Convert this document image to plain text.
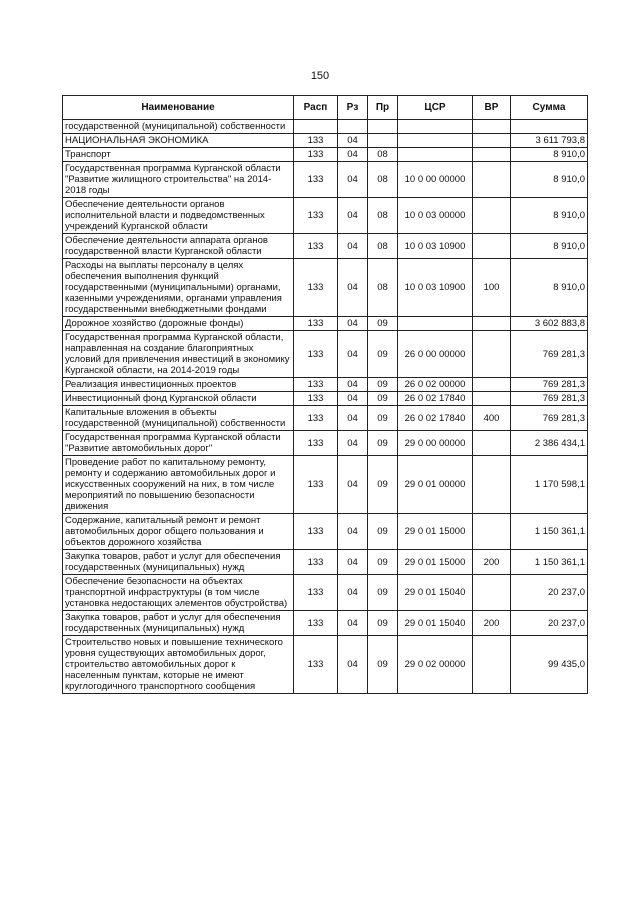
150
Наименование	Расп	Рз	Пр	ЦСР	ВР	Сумма
государственной (муниципальной) собственности						
НАЦИОНАЛЬНАЯ ЭКОНОМИКА	133	04				3 611 793,8
Транспорт	133	04	08			8 910,0
Государственная программа Курганской области "Развитие жилищного строительства" на 2014-2018 годы	133	04	08	10 0 00 00000		8 910,0
Обеспечение деятельности органов исполнительной власти и подведомственных учреждений Курганской области	133	04	08	10 0 03 00000		8 910,0
Обеспечение деятельности аппарата органов государственной власти Курганской области	133	04	08	10 0 03 10900		8 910,0
Расходы на выплаты персоналу в целях обеспечения выполнения функций государственными (муниципальными) органами, казенными учреждениями, органами управления государственными внебюджетными фондами	133	04	08	10 0 03 10900	100	8 910,0
Дорожное хозяйство (дорожные фонды)	133	04	09			3 602 883,8
Государственная программа Курганской области, направленная на создание благоприятных условий для привлечения инвестиций в экономику Курганской области, на 2014-2019 годы	133	04	09	26 0 00 00000		769 281,3
Реализация инвестиционных проектов	133	04	09	26 0 02 00000		769 281,3
Инвестиционный фонд Курганской области	133	04	09	26 0 02 17840		769 281,3
Капитальные вложения в объекты государственной (муниципальной) собственности	133	04	09	26 0 02 17840	400	769 281,3
Государственная программа Курганской области "Развитие автомобильных дорог"	133	04	09	29 0 00 00000		2 386 434,1
Проведение работ по капитальному ремонту, ремонту и содержанию автомобильных дорог и искусственных сооружений на них, в том числе мероприятий по повышению безопасности движения	133	04	09	29 0 01 00000		1 170 598,1
Содержание, капитальный ремонт и ремонт автомобильных дорог общего пользования и объектов дорожного хозяйства	133	04	09	29 0 01 15000		1 150 361,1
Закупка товаров, работ и услуг для обеспечения государственных (муниципальных) нужд	133	04	09	29 0 01 15000	200	1 150 361,1
Обеспечение безопасности на объектах транспортной инфраструктуры (в том числе установка недостающих элементов обустройства)	133	04	09	29 0 01 15040		20 237,0
Закупка товаров, работ и услуг для обеспечения государственных (муниципальных) нужд	133	04	09	29 0 01 15040	200	20 237,0
Строительство новых и повышение технического уровня существующих автомобильных дорог, строительство автомобильных дорог к населенным пунктам, которые не имеют круглогодичного транспортного сообщения	133	04	09	29 0 02 00000		99 435,0
